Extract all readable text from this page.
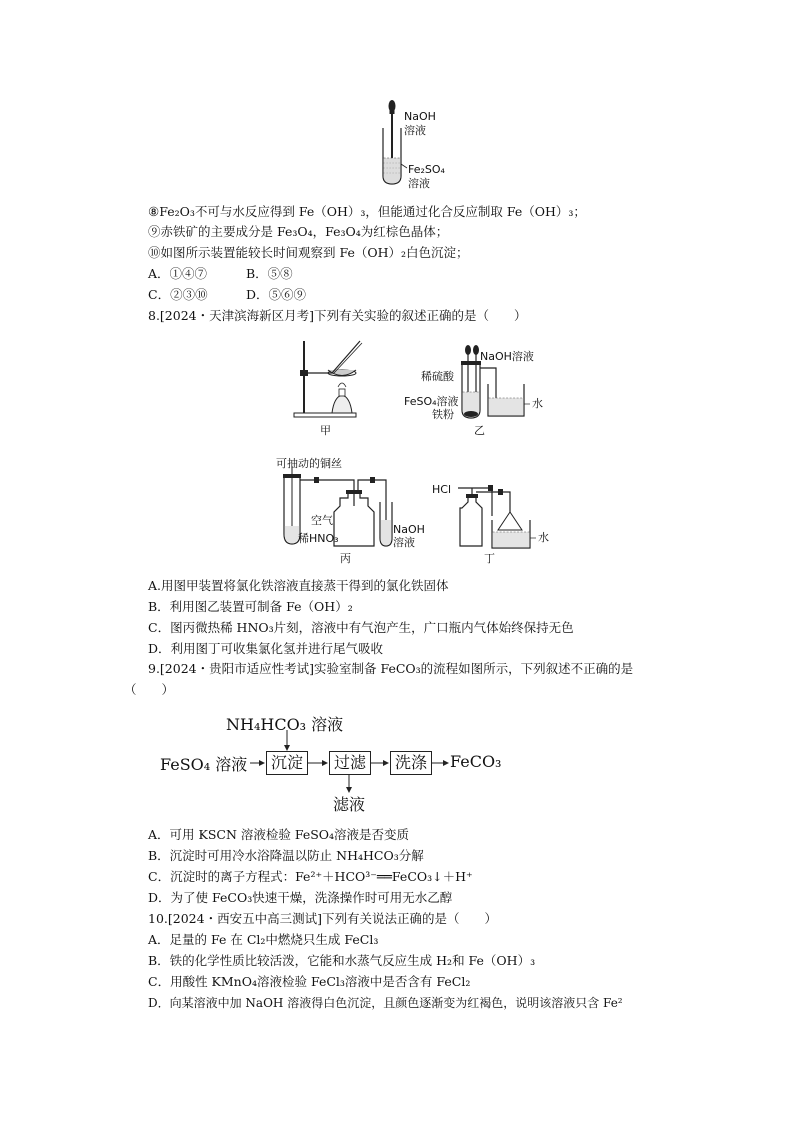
NaOH
溶液
Fe₂SO₄
溶液
⑧Fe₂O₃不可与水反应得到 Fe（OH）₃，但能通过化合反应制取 Fe（OH）₃；
⑨赤铁矿的主要成分是 Fe₃O₄，Fe₃O₄为红棕色晶体；
⑩如图所示装置能较长时间观察到 Fe（OH）₂白色沉淀；
A．①④⑦	B．⑤⑧
C．②③⑩	D．⑤⑥⑨
8.[2024・天津滨海新区月考]下列有关实验的叙述正确的是（　　）
甲
NaOH溶液
稀硫酸
FeSO₄溶液
铁粉
水
乙
可抽动的铜丝
空气
稀HNO₃
NaOH
溶液
丙
HCl
水
丁
A.用图甲装置将氯化铁溶液直接蒸干得到的氯化铁固体
B．利用图乙装置可制备 Fe（OH）₂
C．图丙微热稀 HNO₃片刻，溶液中有气泡产生，广口瓶内气体始终保持无色
D．利用图丁可收集氯化氢并进行尾气吸收
9.[2024・贵阳市适应性考试]实验室制备 FeCO₃的流程如图所示，下列叙述不正确的是
（　　）
NH₄HCO₃ 溶液
FeSO₄ 溶液	沉淀	过滤	洗涤	FeCO₃
滤液
A．可用 KSCN 溶液检验 FeSO₄溶液是否变质
B．沉淀时可用冷水浴降温以防止 NH₄HCO₃分解
C．沉淀时的离子方程式：Fe²⁺＋HCO³⁻══FeCO₃↓＋H⁺
D．为了使 FeCO₃快速干燥，洗涤操作时可用无水乙醇
10.[2024・西安五中高三测试]下列有关说法正确的是（　　）
A．足量的 Fe 在 Cl₂中燃烧只生成 FeCl₃
B．铁的化学性质比较活泼，它能和水蒸气反应生成 H₂和 Fe（OH）₃
C．用酸性 KMnO₄溶液检验 FeCl₃溶液中是否含有 FeCl₂
D．向某溶液中加 NaOH 溶液得白色沉淀，且颜色逐渐变为红褐色，说明该溶液只含 Fe²
